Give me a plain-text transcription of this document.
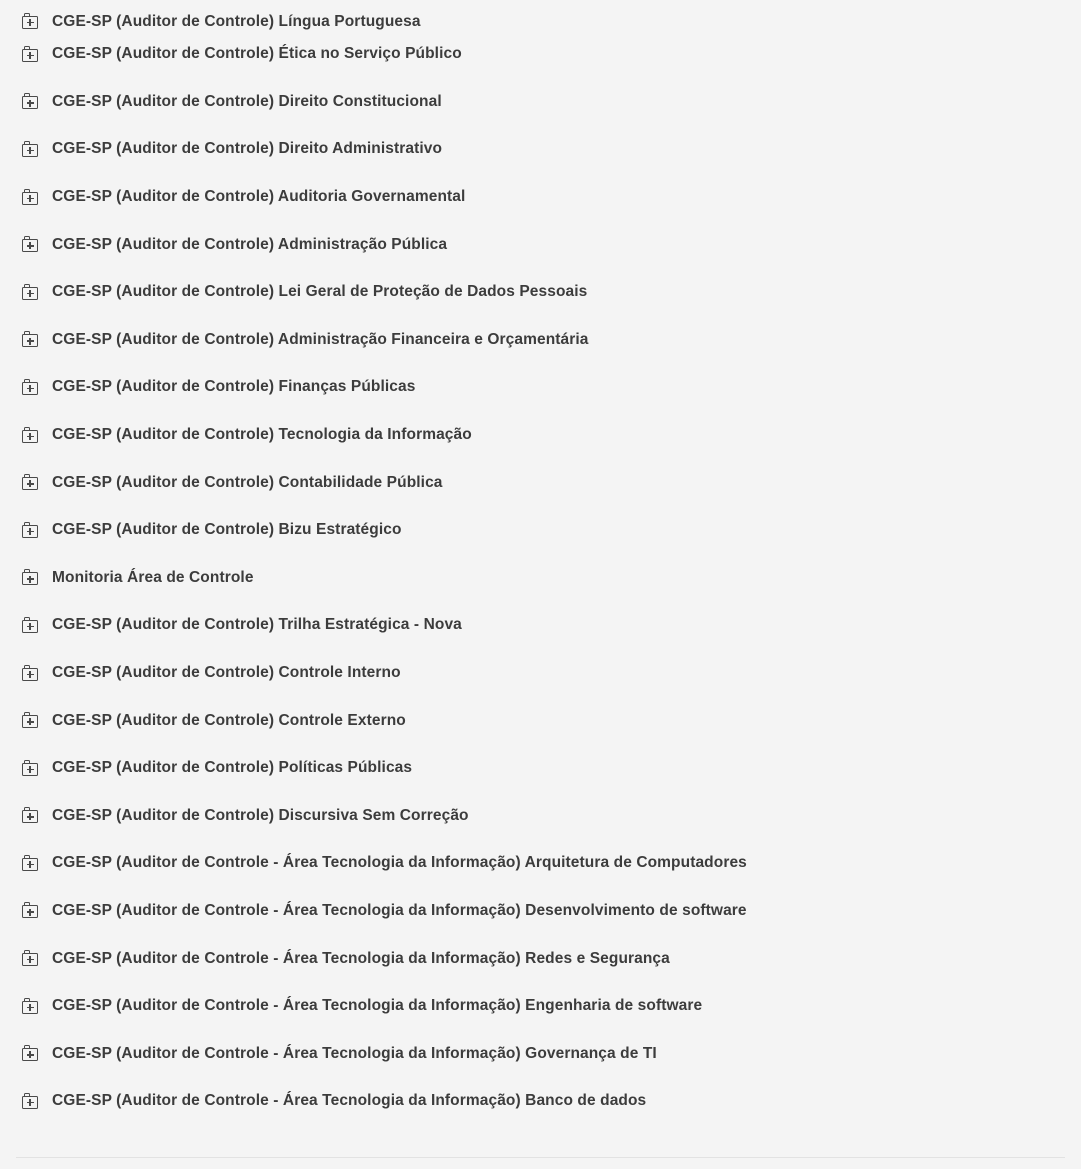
CGE-SP (Auditor de Controle) Língua Portuguesa
CGE-SP (Auditor de Controle) Ética no Serviço Público
CGE-SP (Auditor de Controle) Direito Constitucional
CGE-SP (Auditor de Controle) Direito Administrativo
CGE-SP (Auditor de Controle) Auditoria Governamental
CGE-SP (Auditor de Controle) Administração Pública
CGE-SP (Auditor de Controle) Lei Geral de Proteção de Dados Pessoais
CGE-SP (Auditor de Controle) Administração Financeira e Orçamentária
CGE-SP (Auditor de Controle) Finanças Públicas
CGE-SP (Auditor de Controle) Tecnologia da Informação
CGE-SP (Auditor de Controle) Contabilidade Pública
CGE-SP (Auditor de Controle) Bizu Estratégico
Monitoria Área de Controle
CGE-SP (Auditor de Controle) Trilha Estratégica - Nova
CGE-SP (Auditor de Controle) Controle Interno
CGE-SP (Auditor de Controle) Controle Externo
CGE-SP (Auditor de Controle) Políticas Públicas
CGE-SP (Auditor de Controle) Discursiva Sem Correção
CGE-SP (Auditor de Controle - Área Tecnologia da Informação) Arquitetura de Computadores
CGE-SP (Auditor de Controle - Área Tecnologia da Informação) Desenvolvimento de software
CGE-SP (Auditor de Controle - Área Tecnologia da Informação) Redes e Segurança
CGE-SP (Auditor de Controle - Área Tecnologia da Informação) Engenharia de software
CGE-SP (Auditor de Controle - Área Tecnologia da Informação) Governança de TI
CGE-SP (Auditor de Controle - Área Tecnologia da Informação) Banco de dados
